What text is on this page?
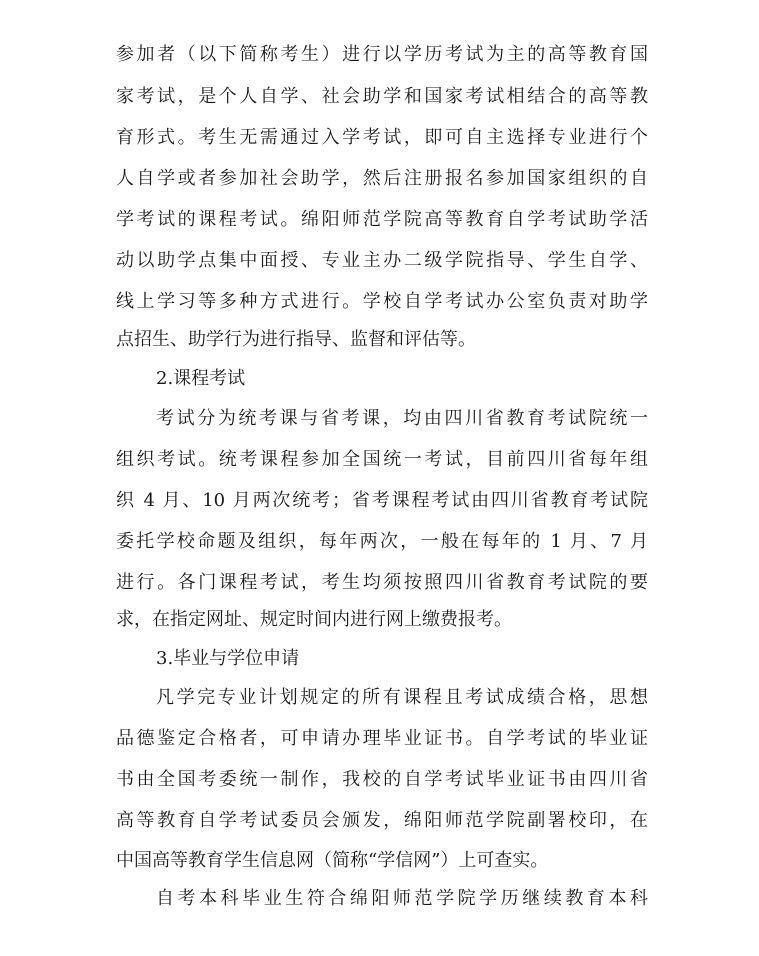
参加者（以下简称考生）进行以学历考试为主的高等教育国
家考试，是个人自学、社会助学和国家考试相结合的高等教
育形式。考生无需通过入学考试，即可自主选择专业进行个
人自学或者参加社会助学，然后注册报名参加国家组织的自
学考试的课程考试。绵阳师范学院高等教育自学考试助学活
动以助学点集中面授、专业主办二级学院指导、学生自学、
线上学习等多种方式进行。学校自学考试办公室负责对助学
点招生、助学行为进行指导、监督和评估等。
2.课程考试
考试分为统考课与省考课，均由四川省教育考试院统一
组织考试。统考课程参加全国统一考试，目前四川省每年组
织 4 月、10 月两次统考；省考课程考试由四川省教育考试院
委托学校命题及组织，每年两次，一般在每年的 1 月、7 月
进行。各门课程考试，考生均须按照四川省教育考试院的要
求，在指定网址、规定时间内进行网上缴费报考。
3.毕业与学位申请
凡学完专业计划规定的所有课程且考试成绩合格，思想
品德鉴定合格者，可申请办理毕业证书。自学考试的毕业证
书由全国考委统一制作，我校的自学考试毕业证书由四川省
高等教育自学考试委员会颁发，绵阳师范学院副署校印，在
中国高等教育学生信息网（简称“学信网”）上可查实。
自考本科毕业生符合绵阳师范学院学历继续教育本科
